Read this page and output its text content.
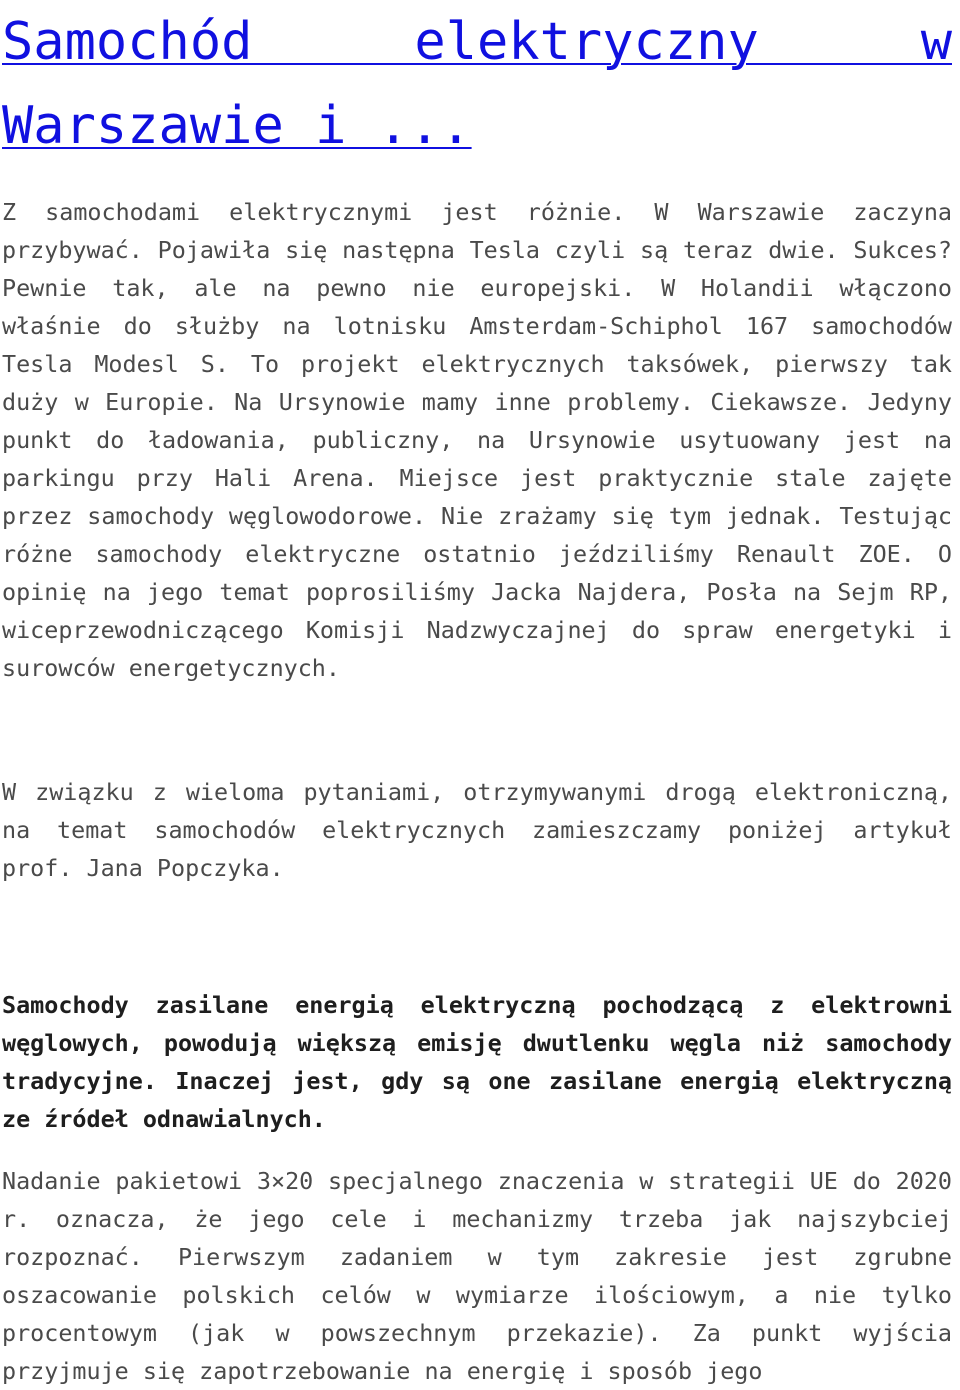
Samochód elektryczny w Warszawie i ...

Z samochodami elektrycznymi jest różnie. W Warszawie zaczyna przybywać. Pojawiła się następna Tesla czyli są teraz dwie. Sukces? Pewnie tak, ale na pewno nie europejski. W Holandii włączono właśnie do służby na lotnisku Amsterdam-Schiphol 167 samochodów Tesla Modesl S. To projekt elektrycznych taksówek, pierwszy tak duży w Europie. Na Ursynowie mamy inne problemy. Ciekawsze. Jedyny punkt do ładowania, publiczny, na Ursynowie usytuowany jest na parkingu przy Hali Arena. Miejsce jest praktycznie stale zajęte przez samochody węglowodorowe. Nie zrażamy się tym jednak. Testując różne samochody elektryczne ostatnio jeździliśmy Renault ZOE. O opinię na jego temat poprosiliśmy Jacka Najdera, Posła na Sejm RP, wiceprzewodniczącego Komisji Nadzwyczajnej do spraw energetyki i surowców energetycznych.

W związku z wieloma pytaniami, otrzymywanymi drogą elektroniczną, na temat samochodów elektrycznych zamieszczamy poniżej artykuł prof. Jana Popczyka.

Samochody zasilane energią elektryczną pochodzącą z elektrowni węglowych, powodują większą emisję dwutlenku węgla niż samochody tradycyjne. Inaczej jest, gdy są one zasilane energią elektryczną ze źródeł odnawialnych.

Nadanie pakietowi 3×20 specjalnego znaczenia w strategii UE do 2020 r. oznacza, że jego cele i mechanizmy trzeba jak najszybciej rozpoznać. Pierwszym zadaniem w tym zakresie jest zgrubne oszacowanie polskich celów w wymiarze ilościowym, a nie tylko procentowym (jak w powszechnym przekazie). Za punkt wyjścia przyjmuje się zapotrzebowanie na energię i sposób jego
